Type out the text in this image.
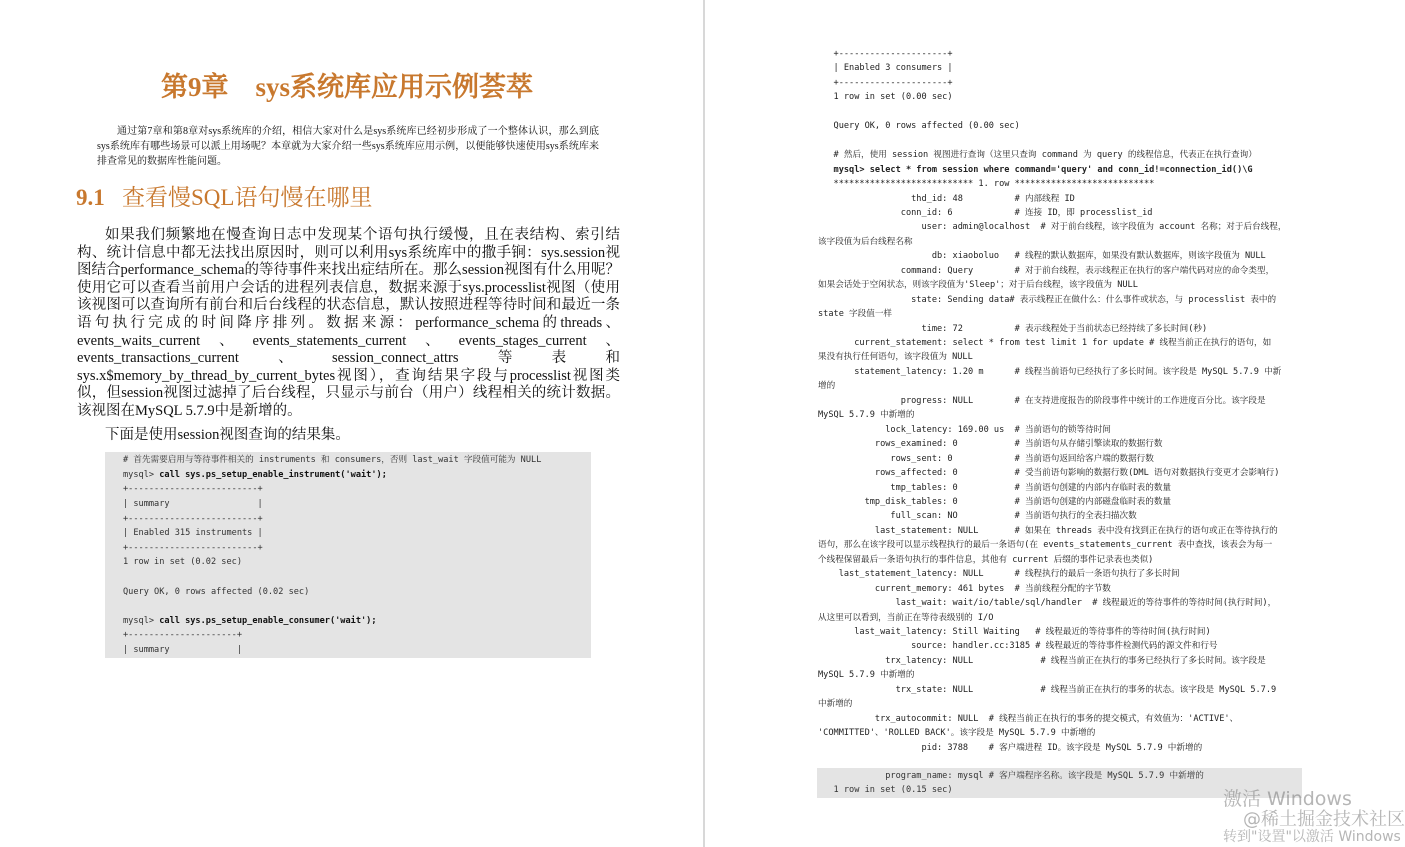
第9章 sys系统库应用示例荟萃

通过第7章和第8章对sys系统库的介绍，相信大家对什么是sys系统库已经初步形成了一个整体认识，那么到底sys系统库有哪些场景可以派上用场呢？本章就为大家介绍一些sys系统库应用示例，以便能够快速使用sys系统库来排查常见的数据库性能问题。

9.1 查看慢SQL语句慢在哪里

如果我们频繁地在慢查询日志中发现某个语句执行缓慢，且在表结构、索引结构、统计信息中都无法找出原因时，则可以利用sys系统库中的撒手锏：sys.session视图结合performance_schema的等待事件来找出症结所在。那么session视图有什么用呢？使用它可以查看当前用户会话的进程列表信息，数据来源于sys.processlist视图（使用该视图可以查询所有前台和后台线程的状态信息，默认按照进程等待时间和最近一条语句执行完成的时间降序排列。数据来源：performance_schema的threads、events_waits_current、events_statements_current、events_stages_current、events_transactions_current、session_connect_attrs等表和sys.x$memory_by_thread_by_current_bytes视图），查询结果字段与processlist视图类似，但session视图过滤掉了后台线程，只显示与前台（用户）线程相关的统计数据。该视图在MySQL 5.7.9中是新增的。

下面是使用session视图查询的结果集。

# 首先需要启用与等待事件相关的 instruments 和 consumers，否则 last_wait 字段值可能为 NULL
mysql> call sys.ps_setup_enable_instrument('wait');
+-------------------------+
| summary                 |
+-------------------------+
| Enabled 315 instruments |
+-------------------------+
1 row in set (0.02 sec)
Query OK, 0 rows affected (0.02 sec)
mysql> call sys.ps_setup_enable_consumer('wait');
+---------------------+
| summary             |
+---------------------+
| Enabled 3 consumers |
+---------------------+
1 row in set (0.00 sec)
Query OK, 0 rows affected (0.00 sec)
# 然后，使用 session 视图进行查询（这里只查询 command 为 query 的线程信息，代表正在执行查询）
mysql> select * from session where command='query' and conn_id!=connection_id()\G
*************************** 1. row ***************************
thd_id: 48          # 内部线程 ID
conn_id: 6            # 连接 ID，即 processlist_id
user: admin@localhost  # 对于前台线程，该字段值为 account 名称；对于后台线程，
该字段值为后台线程名称
db: xiaoboluo   # 线程的默认数据库，如果没有默认数据库，则该字段值为 NULL
command: Query        # 对于前台线程，表示线程正在执行的客户端代码对应的命令类型，
如果会话处于空闲状态，则该字段值为'Sleep'；对于后台线程，该字段值为 NULL
state: Sending data# 表示线程正在做什么：什么事件或状态，与 processlist 表中的
state 字段值一样
time: 72          # 表示线程处于当前状态已经持续了多长时间(秒)
current_statement: select * from test limit 1 for update # 线程当前正在执行的语句，如
果没有执行任何语句，该字段值为 NULL
statement_latency: 1.20 m      # 线程当前语句已经执行了多长时间。该字段是 MySQL 5.7.9 中新
增的
progress: NULL        # 在支持进度报告的阶段事件中统计的工作进度百分比。该字段是
MySQL 5.7.9 中新增的
lock_latency: 169.00 us  # 当前语句的锁等待时间
rows_examined: 0           # 当前语句从存储引擎读取的数据行数
rows_sent: 0            # 当前语句返回给客户端的数据行数
rows_affected: 0           # 受当前语句影响的数据行数(DML 语句对数据执行变更才会影响行)
tmp_tables: 0           # 当前语句创建的内部内存临时表的数量
tmp_disk_tables: 0           # 当前语句创建的内部磁盘临时表的数量
full_scan: NO           # 当前语句执行的全表扫描次数
last_statement: NULL       # 如果在 threads 表中没有找到正在执行的语句或正在等待执行的
语句，那么在该字段可以显示线程执行的最后一条语句(在 events_statements_current 表中查找，该表会为每一
个线程保留最后一条语句执行的事件信息，其他有 current 后缀的事件记录表也类似)
last_statement_latency: NULL      # 线程执行的最后一条语句执行了多长时间
current_memory: 461 bytes  # 当前线程分配的字节数
last_wait: wait/io/table/sql/handler  # 线程最近的等待事件的等待时间(执行时间)，
从这里可以看到，当前正在等待表级别的 I/O
last_wait_latency: Still Waiting   # 线程最近的等待事件的等待时间(执行时间)
source: handler.cc:3185 # 线程最近的等待事件检测代码的源文件和行号
trx_latency: NULL             # 线程当前正在执行的事务已经执行了多长时间。该字段是
MySQL 5.7.9 中新增的
trx_state: NULL             # 线程当前正在执行的事务的状态。该字段是 MySQL 5.7.9
中新增的
trx_autocommit: NULL  # 线程当前正在执行的事务的提交模式，有效值为：'ACTIVE'、
'COMMITTED'、'ROLLED BACK'。该字段是 MySQL 5.7.9 中新增的
pid: 3788    # 客户端进程 ID。该字段是 MySQL 5.7.9 中新增的
program_name: mysql # 客户端程序名称。该字段是 MySQL 5.7.9 中新增的
1 row in set (0.15 sec)	激活 Windows
@稀土掘金技术社区
转到"设置"以激活 Windows
